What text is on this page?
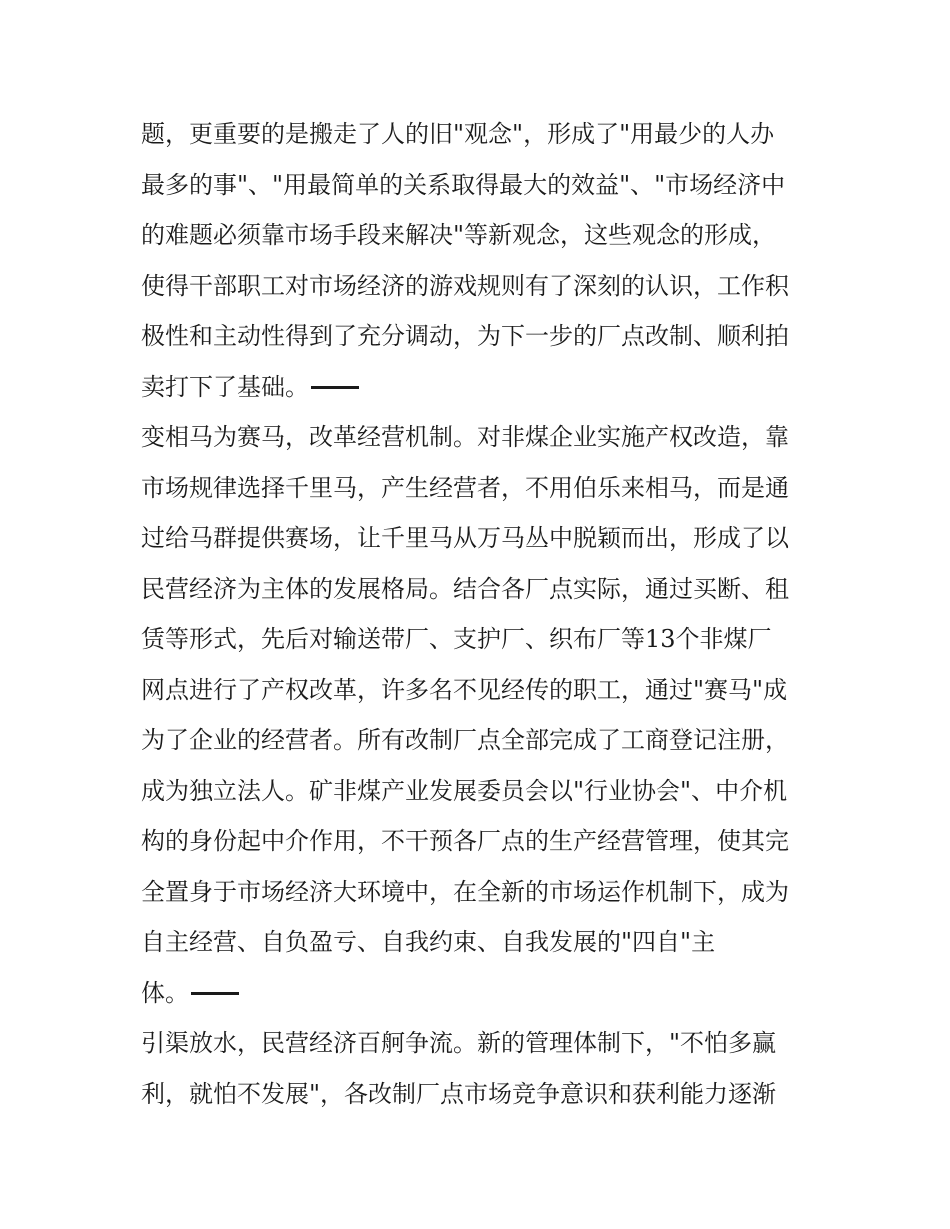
题，更重要的是搬走了人的旧"观念"，形成了"用最少的人办
最多的事"、"用最简单的关系取得最大的效益"、"市场经济中
的难题必须靠市场手段来解决"等新观念，这些观念的形成，
使得干部职工对市场经济的游戏规则有了深刻的认识，工作积
极性和主动性得到了充分调动，为下一步的厂点改制、顺利拍
卖打下了基础。
变相马为赛马，改革经营机制。对非煤企业实施产权改造，靠
市场规律选择千里马，产生经营者，不用伯乐来相马，而是通
过给马群提供赛场，让千里马从万马丛中脱颖而出，形成了以
民营经济为主体的发展格局。结合各厂点实际，通过买断、租
赁等形式，先后对输送带厂、支护厂、织布厂等13个非煤厂
网点进行了产权改革，许多名不见经传的职工，通过"赛马"成
为了企业的经营者。所有改制厂点全部完成了工商登记注册，
成为独立法人。矿非煤产业发展委员会以"行业协会"、中介机
构的身份起中介作用，不干预各厂点的生产经营管理，使其完
全置身于市场经济大环境中，在全新的市场运作机制下，成为
自主经营、自负盈亏、自我约束、自我发展的"四自"主
体。
引渠放水，民营经济百舸争流。新的管理体制下，"不怕多赢
利，就怕不发展"，各改制厂点市场竞争意识和获利能力逐渐
